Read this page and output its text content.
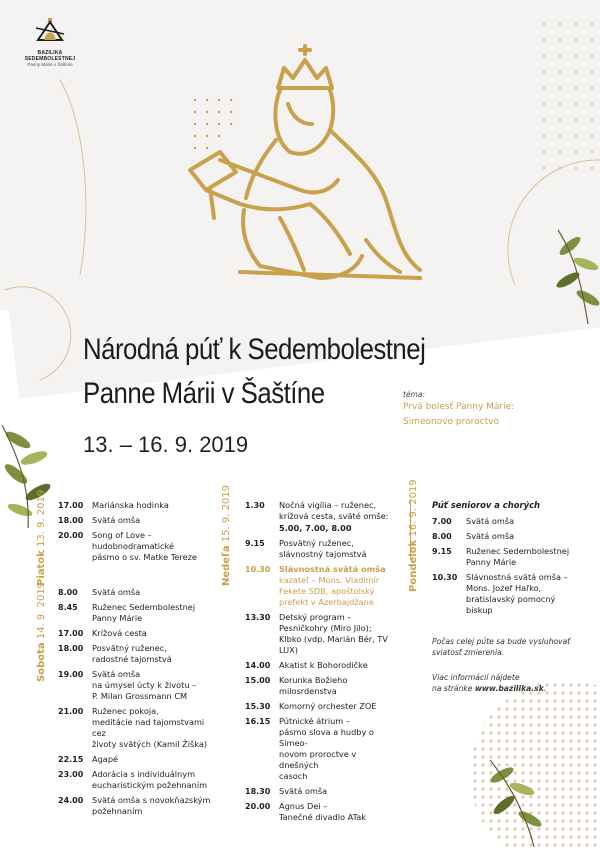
BAZILIKA SEDEMBOLESTNEJ
Panny Márie v Šaštíne
Národná púť k Sedembolestnej
Panne Márii v Šaštíne
13. – 16. 9. 2019
téma:
Prvá bolesť Panny Márie:
Simeonovo proroctvo
Piatok 13. 9. 2019
Sobota 14. 9. 2019
Nedeľa 15. 9. 2019
Pondelok 16. 9. 2019
17.00	Mariánska hodinka
18.00	Svätá omša
20.00	Song of Love –
hudobnodramatické
pásmo o sv. Matke Tereze
8.00	Svätá omša
8.45	Ruženec Sedembolestnej
Panny Márie
17.00	Krížová cesta
18.00	Posvätný ruženec,
radostné tajomstvá
19.00	Svätá omša
na úmysel úcty k životu –
P. Milan Grossmann CM
21.00	Ruženec pokoja,
meditácie nad tajomstvami cez
životy svätých (Kamil Žiška)
22.15	Agapé
23.00	Adorácia s individuálnym
eucharistickým požehnaním
24.00	Svätá omša s novokňazským
požehnaním
1.30	Nočná vigília – ruženec,
krížová cesta, sväté omše:
5.00, 7.00, 8.00
9.15	Posvätný ruženec,
slávnostný tajomstvá
10.30	Slávnostná svätá omša
kazateľ – Mons. Vladimír
Fekete SDB, apoštolský
prefekt v Azerbajdžane
13.30	Detský program –
Pesničkohry (Miro Jilo);
Klbko (vdp. Marián Bér, TV LUX)
14.00	Akatist k Bohorodičke
15.00	Korunka Božieho
milosrdenstva
15.30	Komorný orchester ZOE
16.15	Pútnické átrium –
pásmo slova a hudby o Simeo-
novom proroctve v dnešných
casoch
18.30	Svätá omša
20.00	Agnus Dei –
Tanečné divadlo ATak
Púť seniorov a chorých
7.00	Svätá omša
8.00	Svätá omša
9.15	Ruženec Sedembolestnej
Panny Márie
10.30	Slávnostná svätá omša –
Mons. Jozef Haľko,
bratislavský pomocný biskup
Počas celej púte sa bude vysluhovať
sviatosť zmierenia.
Viac informácií nájdete
na stránke www.bazilika.sk.
